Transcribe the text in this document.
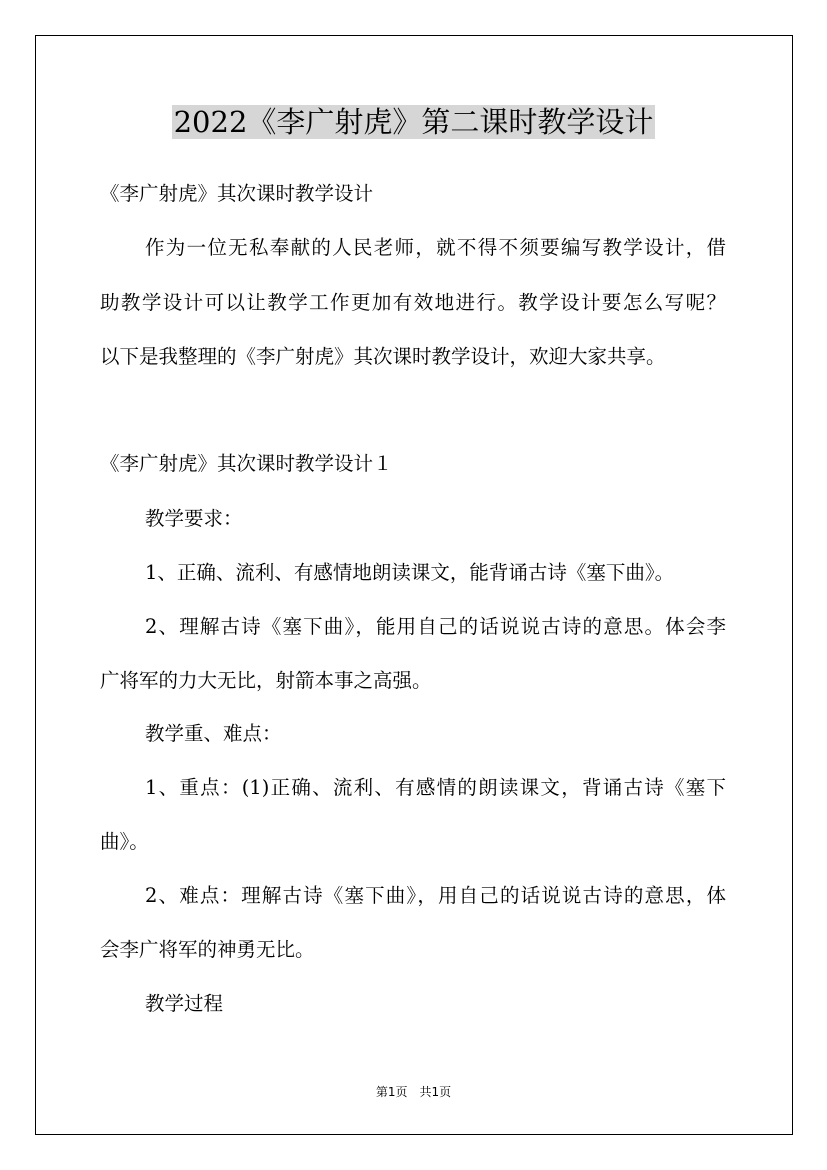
2022《李广射虎》第二课时教学设计

《李广射虎》其次课时教学设计

作为一位无私奉献的人民老师，就不得不须要编写教学设计，借

助教学设计可以让教学工作更加有效地进行。教学设计要怎么写呢？

以下是我整理的《李广射虎》其次课时教学设计，欢迎大家共享。

《李广射虎》其次课时教学设计１

教学要求：

1、正确、流利、有感情地朗读课文，能背诵古诗《塞下曲》。

2、理解古诗《塞下曲》，能用自己的话说说古诗的意思。体会李

广将军的力大无比，射箭本事之高强。

教学重、难点：

1、重点：(1)正确、流利、有感情的朗读课文，背诵古诗《塞下

曲》。

2、难点：理解古诗《塞下曲》，用自己的话说说古诗的意思，体

会李广将军的神勇无比。

教学过程

第1页　共1页
